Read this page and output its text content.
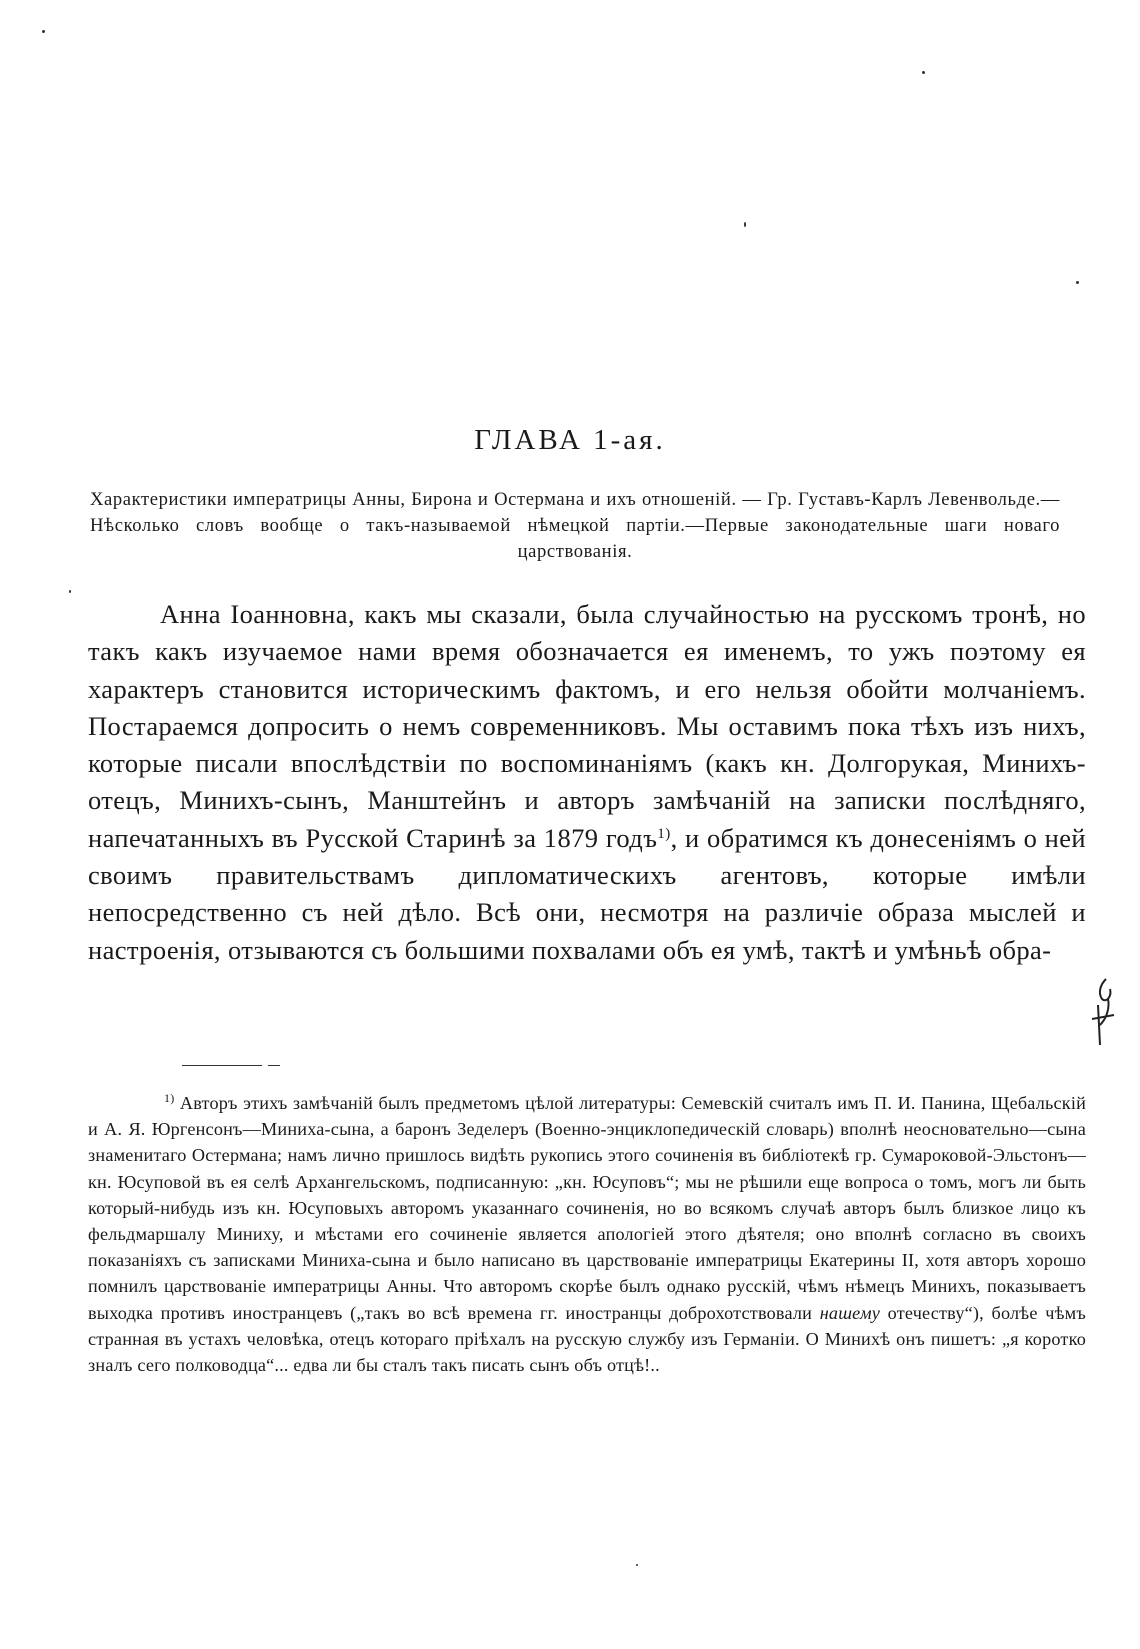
ГЛАВА 1-ая.

Характеристики императрицы Анны, Бирона и Остермана и ихъ отношеній. — Гр. Густавъ-Карлъ Левенвольде.— Нѣсколько словъ вообще о такъ-называемой нѣмецкой партіи.—Первые законодательные шаги новаго царствованія.

Анна Іоанновна, какъ мы сказали, была случайностью на русскомъ тронѣ, но такъ какъ изучаемое нами время обозначается ея именемъ, то ужъ поэтому ея характеръ становится историческимъ фактомъ, и его нельзя обойти молчаніемъ. Постараемся допросить о немъ современниковъ. Мы оставимъ пока тѣхъ изъ нихъ, которые писали впослѣдствіи по воспоминаніямъ (какъ кн. Долгорукая, Минихъ-отецъ, Минихъ-сынъ, Манштейнъ и авторъ замѣчаній на записки послѣдняго, напечатанныхъ въ Русской Старинѣ за 1879 годъ$^{1)}$, и обратимся къ донесеніямъ о ней своимъ правительствамъ дипломатическихъ агентовъ, которые имѣли непосредственно съ ней дѣло. Всѣ они, несмотря на различіе образа мыслей и настроенія, отзываются съ большими похвалами объ ея умѣ, тактѣ и умѣньѣ обра-

$^{1)}$ Авторъ этихъ замѣчаній былъ предметомъ цѣлой литературы: Семевскій считалъ имъ П. И. Панина, Щебальскій и А. Я. Юргенсонъ—Миниха-сына, а баронъ Зеделеръ (Военно-энциклопедическій словарь) вполнѣ неосновательно—сына знаменитаго Остермана; намъ лично пришлось видѣть рукопись этого сочиненія въ библіотекѣ гр. Сумароковой-Эльстонъ—кн. Юсуповой въ ея селѣ Архангельскомъ, подписанную: „кн. Юсуповъ“; мы не рѣшили еще вопроса о томъ, могъ ли быть который-нибудь изъ кн. Юсуповыхъ авторомъ указаннаго сочиненія, но во всякомъ случаѣ авторъ былъ близкое лицо къ фельдмаршалу Миниху, и мѣстами его сочиненіе является апологіей этого дѣятеля; оно вполнѣ согласно въ своихъ показаніяхъ съ записками Миниха-сына и было написано въ царствованіе императрицы Екатерины II, хотя авторъ хорошо помнилъ царствованіе императрицы Анны. Что авторомъ скорѣе былъ однако русскій, чѣмъ нѣмецъ Минихъ, показываетъ выходка противъ иностранцевъ („такъ во всѣ времена гг. иностранцы доброхотствовали нашему отечеству“), болѣе чѣмъ странная въ устахъ человѣка, отецъ котораго пріѣхалъ на русскую службу изъ Германіи. О Минихѣ онъ пишетъ: „я коротко зналъ сего полководца“... едва ли бы сталъ такъ писать сынъ объ отцѣ!..
